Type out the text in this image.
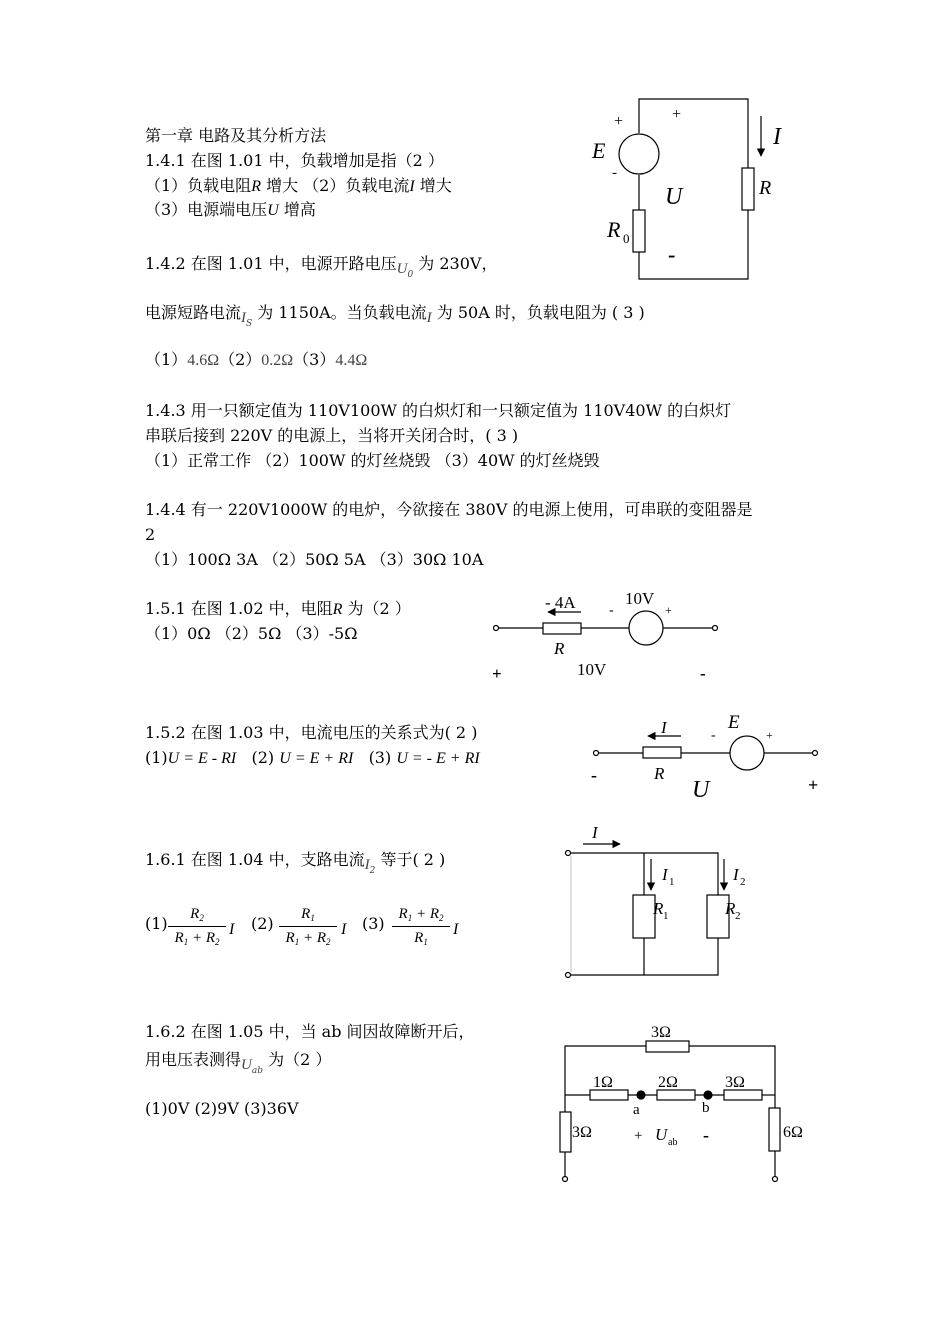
第一章 电路及其分析方法
1.4.1 在图 1.01 中，负载增加是指（2 ）
（1）负载电阻R 增大 （2）负载电流I 增大
（3）电源端电压U 增高
1.4.2 在图 1.01 中，电源开路电压$U_0$ 为 230V，
电源短路电流$I_S$ 为 1150A。当负载电流I 为 50A 时，负载电阻为 ( 3 )
（1）4.6Ω（2）0.2Ω（3）4.4Ω
1.4.3 用一只额定值为 110V100W 的白炽灯和一只额定值为 110V40W 的白炽灯
串联后接到 220V 的电源上，当将开关闭合时，( 3 )
（1）正常工作 （2）100W 的灯丝烧毁 （3）40W 的灯丝烧毁
1.4.4 有一 220V1000W 的电炉，今欲接在 380V 的电源上使用，可串联的变阻器是
2
（1）100Ω 3A （2）50Ω 5A （3）30Ω 10A
1.5.1 在图 1.02 中，电阻R 为（2 ）
（1）0Ω （2）5Ω （3）-5Ω
1.5.2 在图 1.03 中，电流电压的关系式为( 2 )
(1)U = E - RI (2) U = E + RI (3) U = - E + RI
1.6.1 在图 1.04 中，支路电流$I_2$ 等于( 2 )
(1)	$R_2$
$R_1 + R_2$
I (2)	$R_1$
$R_1 + R_2$
I (3) $R_1 + R_2$
$R_1$
I
1.6.2 在图 1.05 中，当 ab 间因故障断开后，
用电压表测得$U_{ab}$ 为（2 ）
(1)0V (2)9V (3)36V
+	+
E
-
I
U	R
R 0
-
- 4A	10V
-	+
R
+	10V	-
I	E
-	+
R
-
U	+
I
I 1	I 2
R 1	R 2
3Ω
1Ω	2Ω	3Ω
a	b
3Ω	6Ω
+ U ab -
